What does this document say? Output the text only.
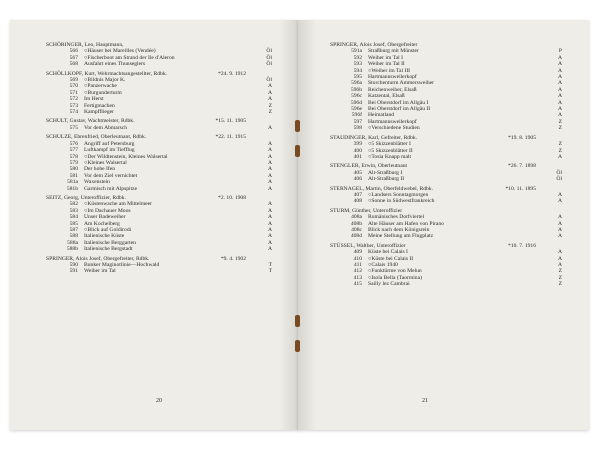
SCHÖRINGER, Leo, Hauptmann,
566	○Häuser bei Mareilles (Vendée)	Öl
567	○Fischerboot am Strand der Ile d'Aleron	Öl
568	Ausfahrt eines Thunseglers	Öl
SCHÖLLKOPF, Kurt, Wehrmachtsangestellter, Rdbk.	*24. 9. 1912
569	○Bildnis Major K.	Öl
570	○Panzerwache	A
571	○Burgunderturm	A
572	Im Herst	A
573	Fertigmachen	Z
574	Kampfflieger	Z
SCHULT, Gustav, Wachtmeister, Rdbk.	*15. 11. 1905
575	Vor dem Abmarsch	A
SCHULZE, Ehrenfried, Oberleutnant, Rdbk.	*22. 11. 1915
576	Angriff auf Petersburg	A
577	Luftkampf im Tiefflug	A
578	○Der Wildtenstein, Kleines Walsertal	A
579	○Kleines Walsertal	A
580	Der hohe Ifen	A
581	Vor dem Ziel vernichtet	A
581a	Waxenstein	A
581b	Garmisch mit Alpspitze	A
SEITZ, Georg, Unteroffizier, Rdbk.	*2. 10. 1908
582	○Küstenwache am Mittelmeer	A
583	○Im Dachauer Moos	A
584	Unser Badeweiher	A
585	Am Kochelberg	A
587	○Blick auf Goldirodi	A
588	Italienische Küste	A
588a	Italienische Berggarten	A
588b	Italienische Bergstadt	A
SPRINGER, Alois Josef, Obergefreiter, Rdbk.	*9. 4. 1902
590	Bunker Maginotlinie—Hochwald	T
591	Weiher im Tal	T
20
SPRINGER, Alois Josef, Obergefreiter
591a	Straßburg mit Münster	P
592	Weiher im Tal I	A
593	Weiher im Tal II	A
594	○Weiher im Tal III	A
595	Hartmannsweilerkopf	A
596a	Storchenturm Ammersweiher	A
596b	Reichenweiher, Elsaß	A
596c	Katzental, Elsaß	A
596d	Bei Oberstdorf im Allgäu I	A
596e	Bei Oberstdorf im Allgäu II	A
596f	Heimatland	A
597	Hartmannsweilerkopf	Z
598	○Verschiedene Studien	Z
STAUDINGER, Karl, Gefreiter, Rdbk.	*19. 8. 1905
399	○5 Skizzenblätter I	Z
400	○5 Skizzenblätter II	Z
401	○Tosia Knapp malt	A
STENGLER, Erwin, Oberleutnant	*26. 7. 1898
405	Alt-Straßburg I	Öl
406	Alt-Straßburg II	Öl
STERNAGEL, Martin, Oberfeldwebel, Rdbk.	*10. 11. 1895
407	○Landsers Sonntagmorgen	A
408	○Sonne in Südwestfrankreich	A
STURM, Günther, Unteroffizier
408a	Rumänisches Dorfviertel	A
408b	Alte Häuser am Hafen von Pirano	A
408c	Blick nach dem Königsrein	A
408d	Meine Stellung am Flugplatz	A
STÜSSEL, Walther, Unteroffizier	*10. 7. 1916
409	Küste bei Calais I	A
410	○Küste bei Calais II	A
411	○Calais 1940	A
412	○Funktürme von Melun	Z
413	○Isola Bella (Taormina)	Z
415	Sailly lez Cambrai	Z
21
